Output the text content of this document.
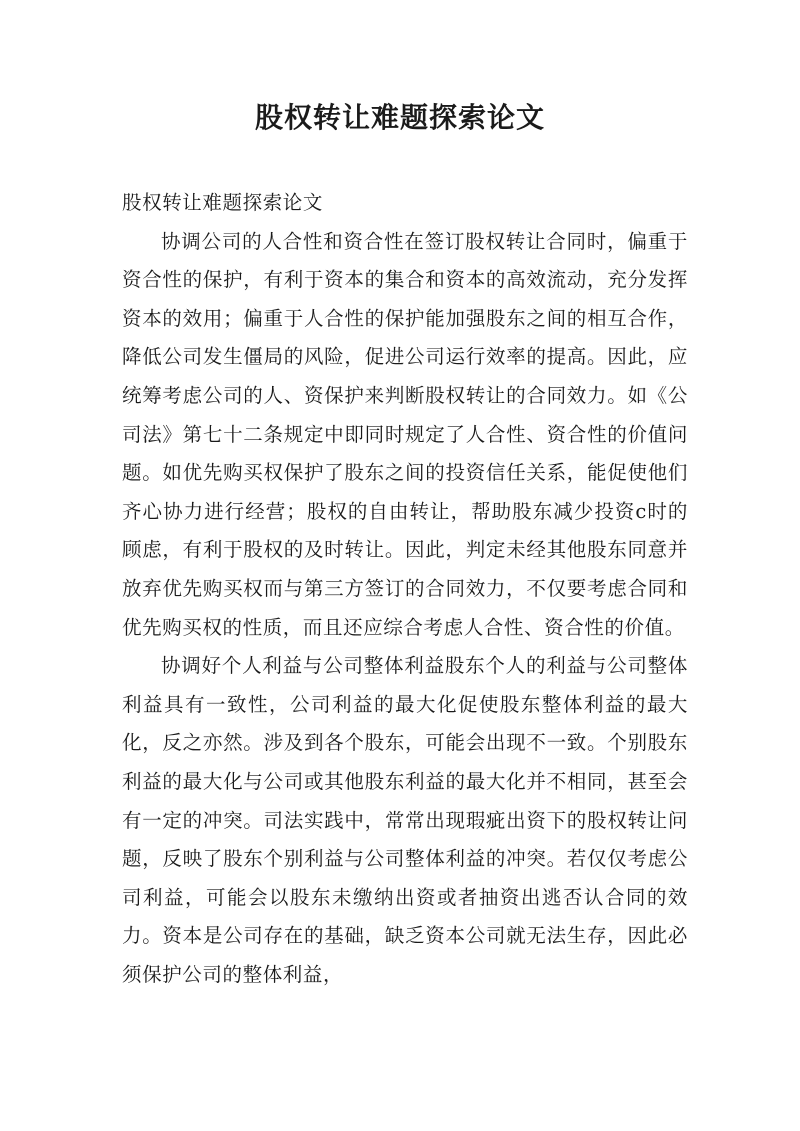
股权转让难题探索论文

股权转让难题探索论文

协调公司的人合性和资合性在签订股权转让合同时，偏重于资合性的保护，有利于资本的集合和资本的高效流动，充分发挥资本的效用；偏重于人合性的保护能加强股东之间的相互合作，降低公司发生僵局的风险，促进公司运行效率的提高。因此，应统筹考虑公司的人、资保护来判断股权转让的合同效力。如《公司法》第七十二条规定中即同时规定了人合性、资合性的价值问题。如优先购买权保护了股东之间的投资信任关系，能促使他们齐心协力进行经营；股权的自由转让，帮助股东减少投资c时的顾虑，有利于股权的及时转让。因此，判定未经其他股东同意并放弃优先购买权而与第三方签订的合同效力，不仅要考虑合同和优先购买权的性质，而且还应综合考虑人合性、资合性的价值。

协调好个人利益与公司整体利益股东个人的利益与公司整体利益具有一致性，公司利益的最大化促使股东整体利益的最大化，反之亦然。涉及到各个股东，可能会出现不一致。个别股东利益的最大化与公司或其他股东利益的最大化并不相同，甚至会有一定的冲突。司法实践中，常常出现瑕疵出资下的股权转让问题，反映了股东个别利益与公司整体利益的冲突。若仅仅考虑公司利益，可能会以股东未缴纳出资或者抽资出逃否认合同的效力。资本是公司存在的基础，缺乏资本公司就无法生存，因此必须保护公司的整体利益，
